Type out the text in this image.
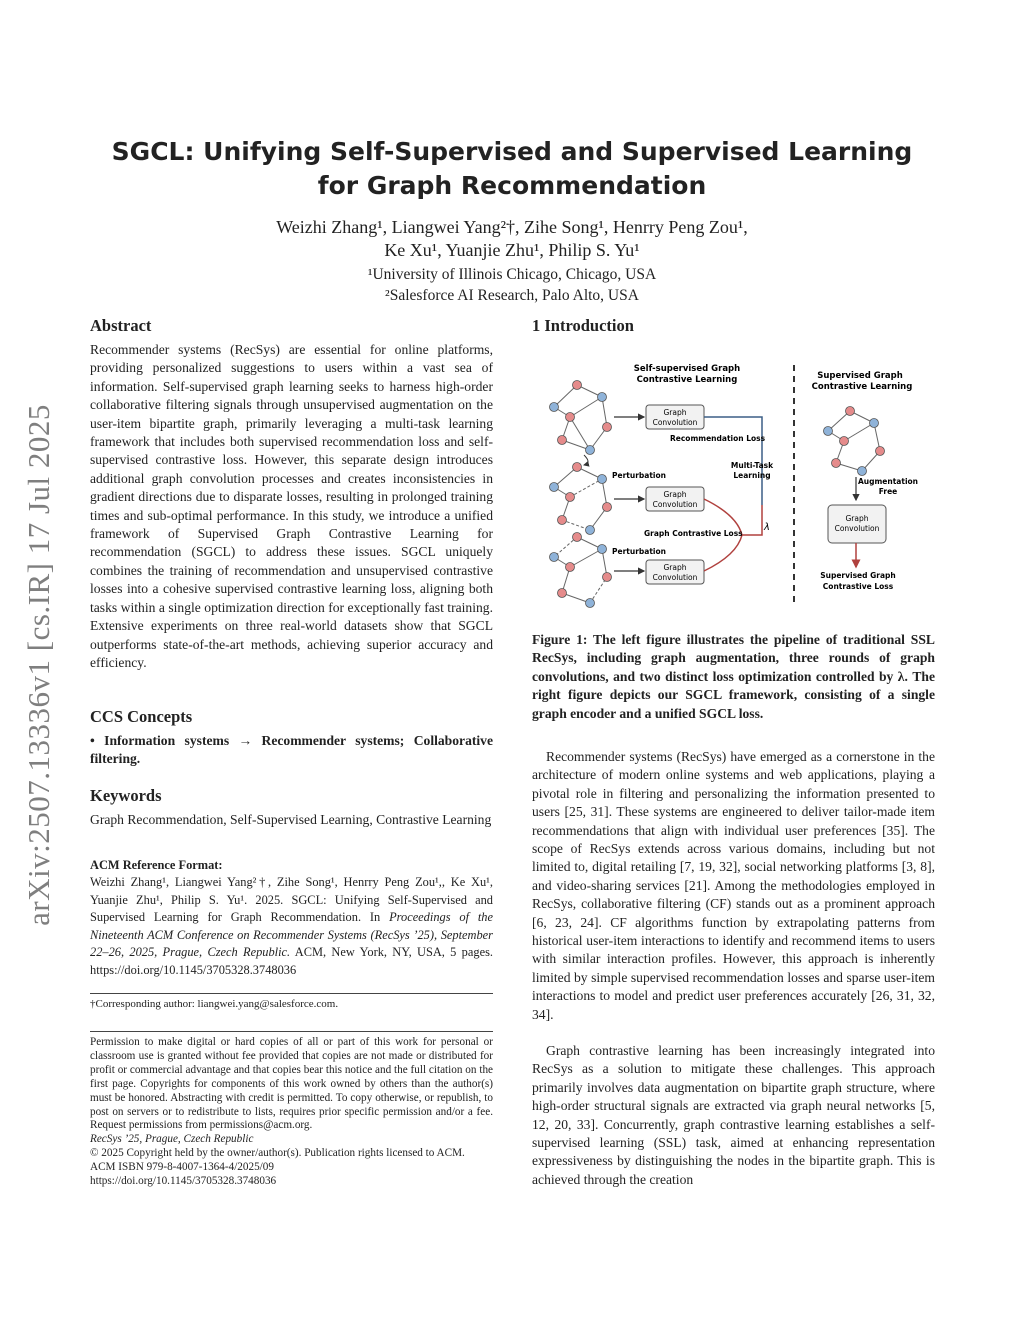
SGCL: Unifying Self-Supervised and Supervised Learning
for Graph Recommendation
Weizhi Zhang¹, Liangwei Yang²†, Zihe Song¹, Henrry Peng Zou¹,
Ke Xu¹, Yuanjie Zhu¹, Philip S. Yu¹
¹University of Illinois Chicago, Chicago, USA
²Salesforce AI Research, Palo Alto, USA
arXiv:2507.13336v1 [cs.IR] 17 Jul 2025
Abstract
Recommender systems (RecSys) are essential for online platforms, providing personalized suggestions to users within a vast sea of information. Self-supervised graph learning seeks to harness high-order collaborative filtering signals through unsupervised augmentation on the user-item bipartite graph, primarily leveraging a multi-task learning framework that includes both supervised recommendation loss and self-supervised contrastive loss. However, this separate design introduces additional graph convolution processes and creates inconsistencies in gradient directions due to disparate losses, resulting in prolonged training times and sub-optimal performance. In this study, we introduce a unified framework of Supervised Graph Contrastive Learning for recommendation (SGCL) to address these issues. SGCL uniquely combines the training of recommendation and unsupervised contrastive losses into a cohesive supervised contrastive learning loss, aligning both tasks within a single optimization direction for exceptionally fast training. Extensive experiments on three real-world datasets show that SGCL outperforms state-of-the-art methods, achieving superior accuracy and efficiency.
CCS Concepts
• Information systems → Recommender systems; Collaborative filtering.
Keywords
Graph Recommendation, Self-Supervised Learning, Contrastive Learning
ACM Reference Format:
Weizhi Zhang¹, Liangwei Yang²†, Zihe Song¹, Henrry Peng Zou¹,, Ke Xu¹, Yuanjie Zhu¹, Philip S. Yu¹. 2025. SGCL: Unifying Self-Supervised and Supervised Learning for Graph Recommendation. In Proceedings of the Nineteenth ACM Conference on Recommender Systems (RecSys ’25), September 22–26, 2025, Prague, Czech Republic. ACM, New York, NY, USA, 5 pages. https://doi.org/10.1145/3705328.3748036
†Corresponding author: liangwei.yang@salesforce.com.
Permission to make digital or hard copies of all or part of this work for personal or classroom use is granted without fee provided that copies are not made or distributed for profit or commercial advantage and that copies bear this notice and the full citation on the first page. Copyrights for components of this work owned by others than the author(s) must be honored. Abstracting with credit is permitted. To copy otherwise, or republish, to post on servers or to redistribute to lists, requires prior specific permission and/or a fee. Request permissions from permissions@acm.org.
RecSys ’25, Prague, Czech Republic
© 2025 Copyright held by the owner/author(s). Publication rights licensed to ACM.
ACM ISBN 979-8-4007-1364-4/2025/09
https://doi.org/10.1145/3705328.3748036
1 Introduction
Self-supervised Graph
Contrastive Learning	Supervised Graph
Contrastive Learning
Perturbation
Perturbation
Graph
Convolution
Graph
Convolution
Graph
Convolution
Recommendation Loss
Graph Contrastive Loss
Multi-Task
Learning
λ
Augmentation
Free
Graph
Convolution
Supervised Graph
Contrastive Loss
Figure 1: The left figure illustrates the pipeline of traditional SSL RecSys, including graph augmentation, three rounds of graph convolutions, and two distinct loss optimization controlled by λ. The right figure depicts our SGCL framework, consisting of a single graph encoder and a unified SGCL loss.
Recommender systems (RecSys) have emerged as a cornerstone in the architecture of modern online systems and web applications, playing a pivotal role in filtering and personalizing the information presented to users [25, 31]. These systems are engineered to deliver tailor-made item recommendations that align with individual user preferences [35]. The scope of RecSys extends across various domains, including but not limited to, digital retailing [7, 19, 32], social networking platforms [3, 8], and video-sharing services [21]. Among the methodologies employed in RecSys, collaborative filtering (CF) stands out as a prominent approach [6, 23, 24]. CF algorithms function by extrapolating patterns from historical user-item interactions to identify and recommend items to users with similar interaction profiles. However, this approach is inherently limited by simple supervised recommendation losses and sparse user-item interactions to model and predict user preferences accurately [26, 31, 32, 34].
Graph contrastive learning has been increasingly integrated into RecSys as a solution to mitigate these challenges. This approach primarily involves data augmentation on bipartite graph structure, where high-order structural signals are extracted via graph neural networks [5, 12, 20, 33]. Concurrently, graph contrastive learning establishes a self-supervised learning (SSL) task, aimed at enhancing representation expressiveness by distinguishing the nodes in the bipartite graph. This is achieved through the creation
